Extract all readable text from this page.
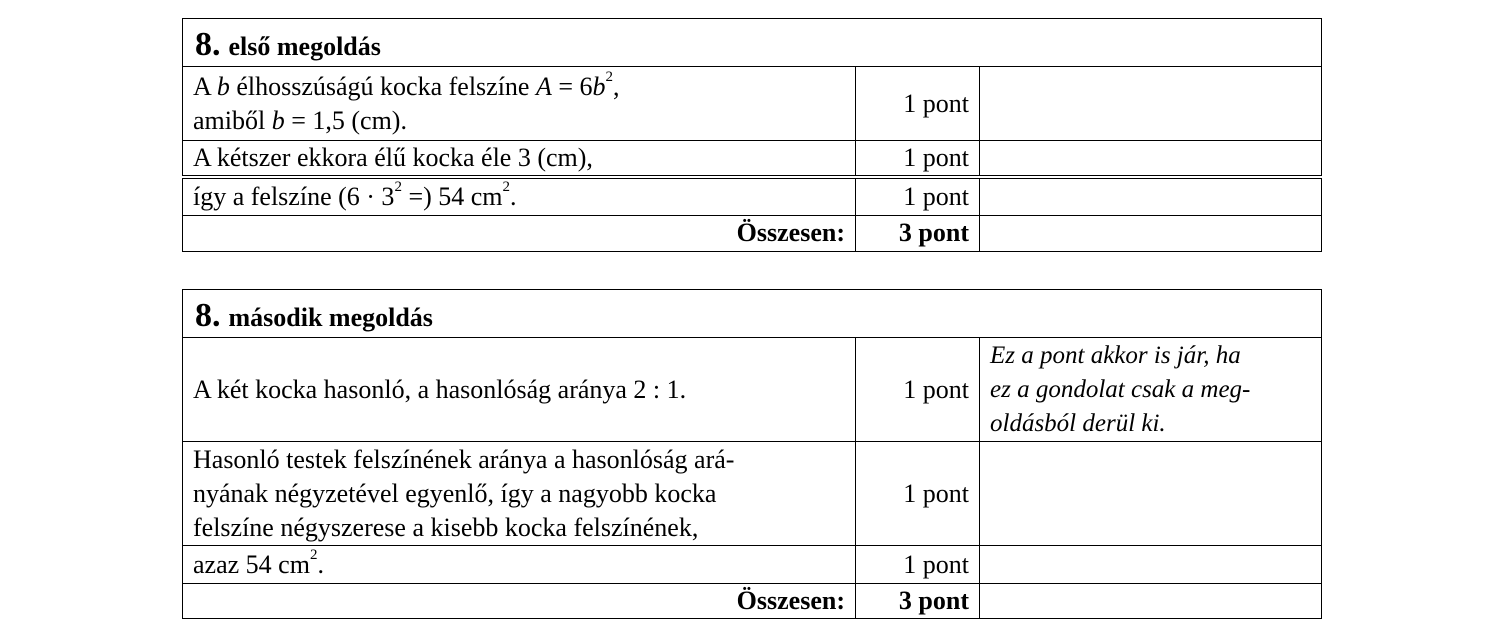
8. első megoldás		

A b élhosszúságú kocka felszíne $A = 6b^2$,
amiből b = 1,5 (cm).	1 pont	
A kétszer ekkora élű kocka éle 3 (cm),	1 pont	
így a felszíne ($6 \cdot 3^2$ =) 54 $cm^2$.	1 pont	
Összesen:	3 pont	
8. második megoldás		
A két kocka hasonló, a hasonlóság aránya 2 : 1.	1 pont	Ez a pont akkor is jár, ha
ez a gondolat csak a meg-
oldásból derül ki.

Hasonló testek felszínének aránya a hasonlóság ará-
nyának négyzetével egyenlő, így a nagyobb kocka
felszíne négyszerese a kisebb kocka felszínének,	1 pont	
azaz 54 $cm^2$.	1 pont	
Összesen:	3 pont	
